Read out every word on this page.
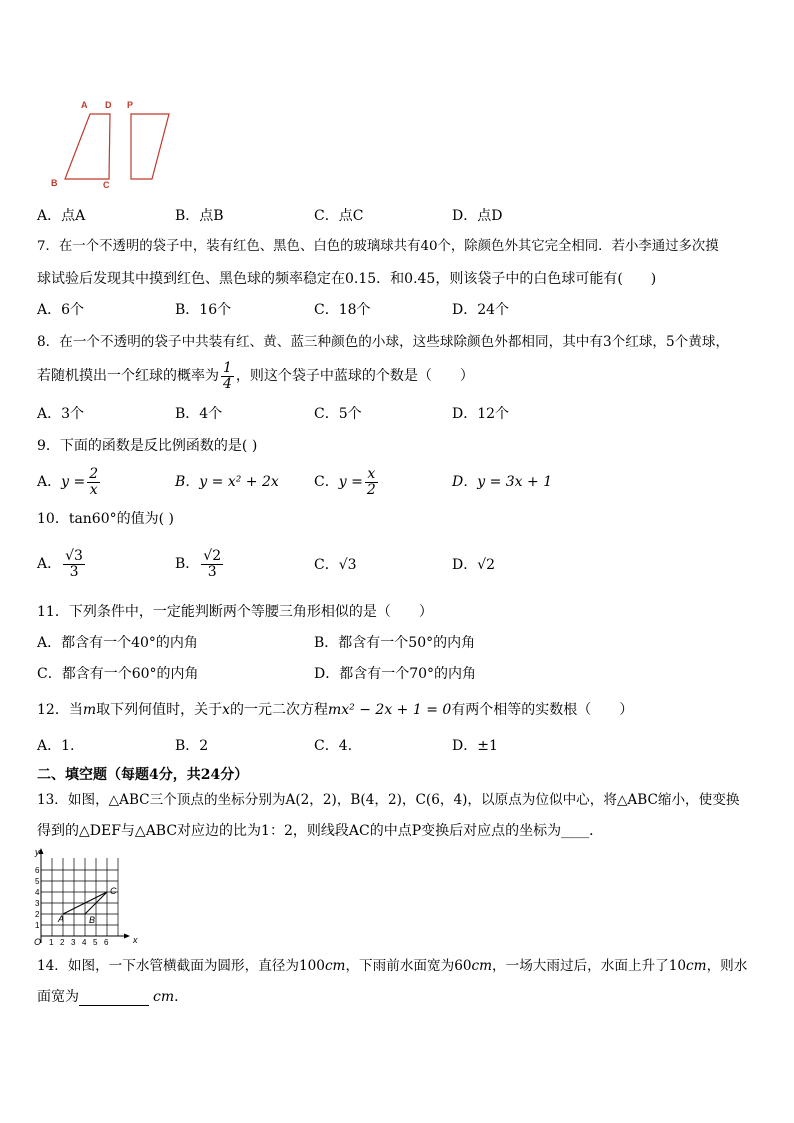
A D P
B	C
A．点A	B．点B	C．点C	D．点D
7．在一个不透明的袋子中，装有红色、黑色、白色的玻璃球共有40个，除颜色外其它完全相同．若小李通过多次摸
球试验后发现其中摸到红色、黑色球的频率稳定在0.15．和0.45，则该袋子中的白色球可能有(　　)
A．6个	B．16个	C．18个	D．24个
8．在一个不透明的袋子中共装有红、黄、蓝三种颜色的小球，这些球除颜色外都相同，其中有3个红球，5个黄球，
若随机摸出一个红球的概率为 $\frac{1}{4}$ ，则这个袋子中蓝球的个数是（　　）
A．3个	B．4个	C．5个	D．12个
9．下面的函数是反比例函数的是( )
A．$y = \frac{2}{x}$	B．y = x² + 2x	C．$y = \frac{x}{2}$	D．y = 3x + 1
10．tan60°的值为( )
A． $\frac{√3}{3}$	B． $\frac{√2}{3}$	C．√3	D．√2
11．下列条件中，一定能判断两个等腰三角形相似的是（　　）
A．都含有一个40°的内角	B．都含有一个50°的内角
C．都含有一个60°的内角	D．都含有一个70°的内角
12．当m取下列何值时，关于x的一元二次方程mx² − 2x + 1 = 0有两个相等的实数根（　　）
A．1.	B．2	C．4.	D．±1
二、填空题（每题4分，共24分）
13．如图，△ABC三个顶点的坐标分别为A(2，2)，B(4，2)，C(6，4)，以原点为位似中心，将△ABC缩小，使变换
得到的△DEF与△ABC对应边的比为1：2，则线段AC的中点P变换后对应点的坐标为____．
y
x
O 1 2 3 4 5 6
1
2
3
4
5
6
A	B
C
14．如图，一下水管横截面为圆形，直径为100cm，下雨前水面宽为60cm，一场大雨过后，水面上升了10cm，则水
面宽为	cm．
